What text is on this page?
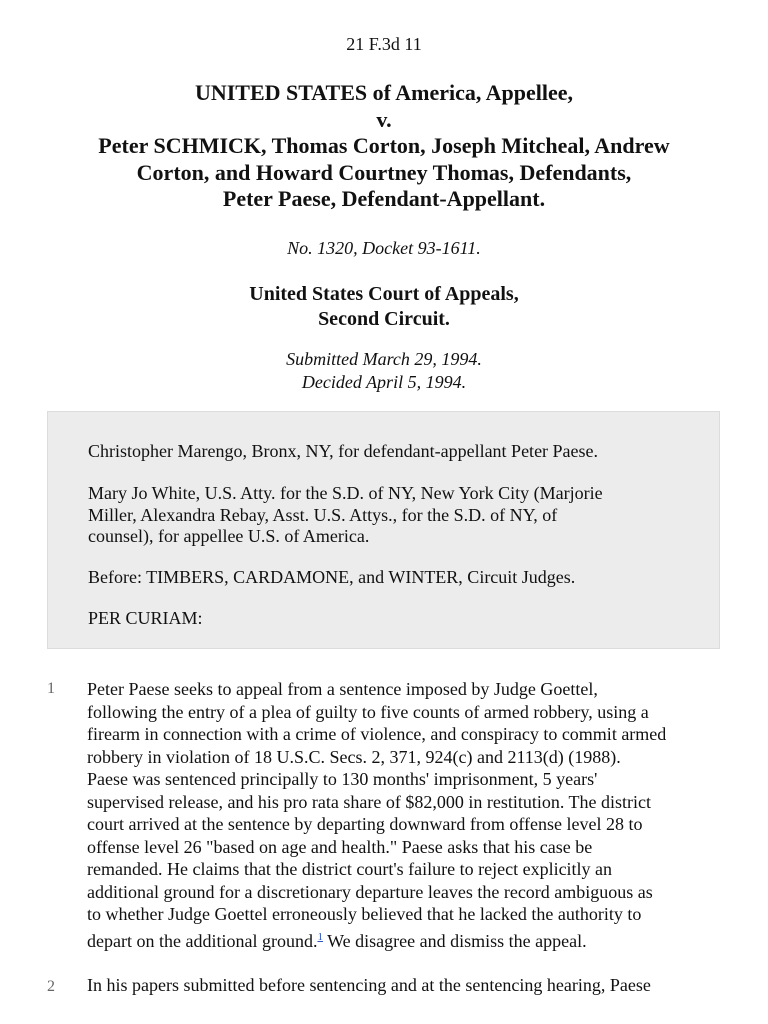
21 F.3d 11
UNITED STATES of America, Appellee,
v.
Peter SCHMICK, Thomas Corton, Joseph Mitcheal, Andrew
Corton, and Howard Courtney Thomas, Defendants,
Peter Paese, Defendant-Appellant.
No. 1320, Docket 93-1611.
United States Court of Appeals,
Second Circuit.
Submitted March 29, 1994.
Decided April 5, 1994.

Christopher Marengo, Bronx, NY, for defendant-appellant Peter Paese.

Mary Jo White, U.S. Atty. for the S.D. of NY, New York City (Marjorie
Miller, Alexandra Rebay, Asst. U.S. Attys., for the S.D. of NY, of
counsel), for appellee U.S. of America.

Before: TIMBERS, CARDAMONE, and WINTER, Circuit Judges.

PER CURIAM:

1 Peter Paese seeks to appeal from a sentence imposed by Judge Goettel,
following the entry of a plea of guilty to five counts of armed robbery, using a
firearm in connection with a crime of violence, and conspiracy to commit armed
robbery in violation of 18 U.S.C. Secs. 2, 371, 924(c) and 2113(d) (1988).
Paese was sentenced principally to 130 months' imprisonment, 5 years'
supervised release, and his pro rata share of $82,000 in restitution. The district
court arrived at the sentence by departing downward from offense level 28 to
offense level 26 "based on age and health." Paese asks that his case be
remanded. He claims that the district court's failure to reject explicitly an
additional ground for a discretionary departure leaves the record ambiguous as
to whether Judge Goettel erroneously believed that he lacked the authority to
depart on the additional ground.$^1$ We disagree and dismiss the appeal.

2 In his papers submitted before sentencing and at the sentencing hearing, Paese
